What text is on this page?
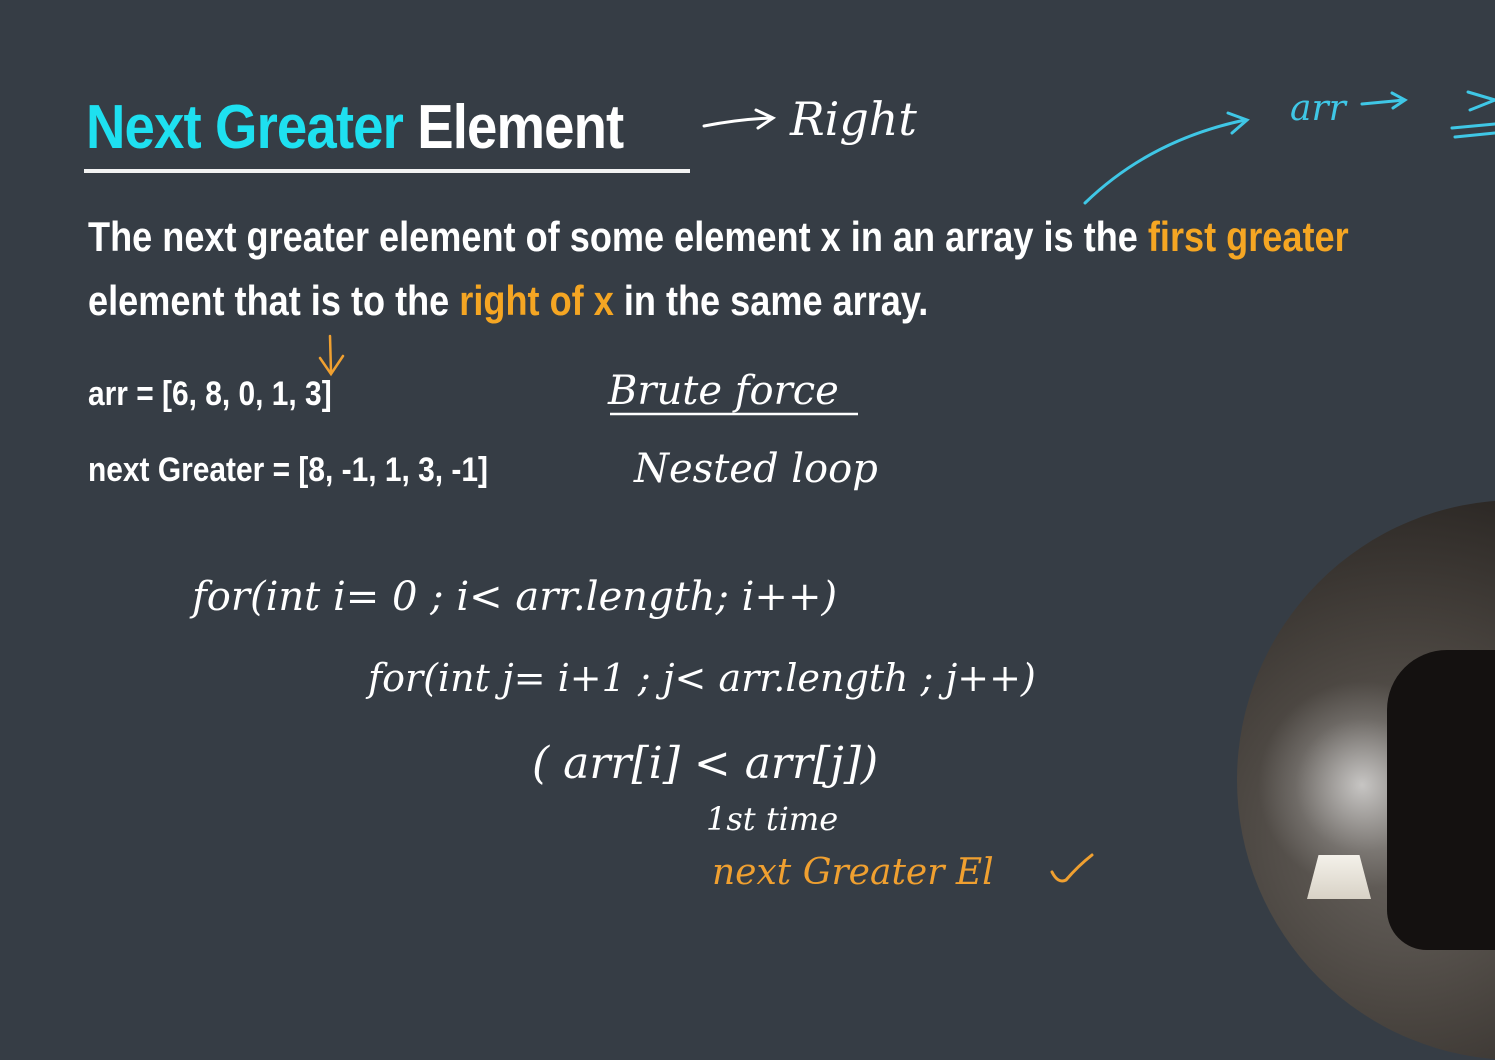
Next Greater Element	Right	arr
The next greater element of some element x in an array is the first greater
element that is to the right of x in the same array.
arr = [6, 8, 0, 1, 3]
next Greater = [8, -1, 1, 3, -1]
Brute force
Nested loop
for(int i= 0 ; i< arr.length; i++)
for(int j= i+1 ; j< arr.length ; j++)
( arr[i] < arr[j])
1st time
next Greater El
